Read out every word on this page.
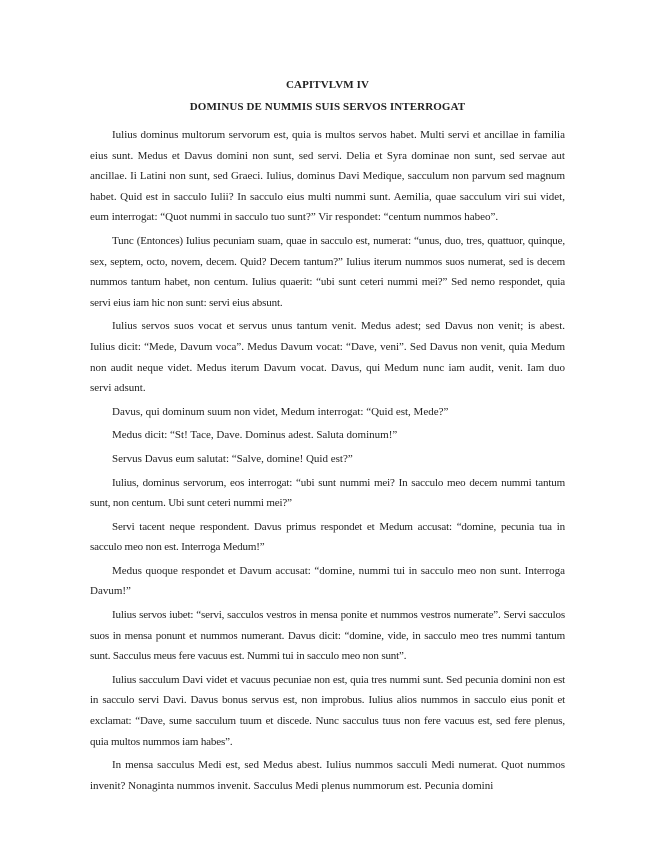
CAPITVLVM IV
DOMINUS DE NUMMIS SUIS SERVOS INTERROGAT

Iulius dominus multorum servorum est, quia is multos servos habet. Multi servi et ancillae in familia eius sunt. Medus et Davus domini non sunt, sed servi. Delia et Syra dominae non sunt, sed servae aut ancillae. Ii Latini non sunt, sed Graeci. Iulius, dominus Davi Medique, sacculum non parvum sed magnum habet. Quid est in sacculo Iulii? In sacculo eius multi nummi sunt. Aemilia, quae sacculum viri sui videt, eum interrogat: “Quot nummi in sacculo tuo sunt?” Vir respondet: “centum nummos habeo”.

Tunc (Entonces) Iulius pecuniam suam, quae in sacculo est, numerat: “unus, duo, tres, quattuor, quinque, sex, septem, octo, novem, decem. Quid? Decem tantum?” Iulius iterum nummos suos numerat, sed is decem nummos tantum habet, non centum. Iulius quaerit: “ubi sunt ceteri nummi mei?” Sed nemo respondet, quia servi eius iam hic non sunt: servi eius absunt.

Iulius servos suos vocat et servus unus tantum venit. Medus adest; sed Davus non venit; is abest. Iulius dicit: “Mede, Davum voca”. Medus Davum vocat: “Dave, veni”. Sed Davus non venit, quia Medum non audit neque videt. Medus iterum Davum vocat. Davus, qui Medum nunc iam audit, venit. Iam duo servi adsunt.

Davus, qui dominum suum non videt, Medum interrogat: “Quid est, Mede?”

Medus dicit: “St! Tace, Dave. Dominus adest. Saluta dominum!”

Servus Davus eum salutat: “Salve, domine! Quid est?”

Iulius, dominus servorum, eos interrogat: “ubi sunt nummi mei? In sacculo meo decem nummi tantum sunt, non centum. Ubi sunt ceteri nummi mei?”

Servi tacent neque respondent. Davus primus respondet et Medum accusat: “domine, pecunia tua in sacculo meo non est. Interroga Medum!”

Medus quoque respondet et Davum accusat: “domine, nummi tui in sacculo meo non sunt. Interroga Davum!”

Iulius servos iubet: “servi, sacculos vestros in mensa ponite et nummos vestros numerate”. Servi sacculos suos in mensa ponunt et nummos numerant. Davus dicit: “domine, vide, in sacculo meo tres nummi tantum sunt. Sacculus meus fere vacuus est. Nummi tui in sacculo meo non sunt”.

Iulius sacculum Davi videt et vacuus pecuniae non est, quia tres nummi sunt. Sed pecunia domini non est in sacculo servi Davi. Davus bonus servus est, non improbus. Iulius alios nummos in sacculo eius ponit et exclamat: “Dave, sume sacculum tuum et discede. Nunc sacculus tuus non fere vacuus est, sed fere plenus, quia multos nummos iam habes”.

In mensa sacculus Medi est, sed Medus abest. Iulius nummos sacculi Medi numerat. Quot nummos invenit? Nonaginta nummos invenit. Sacculus Medi plenus nummorum est. Pecunia domini
